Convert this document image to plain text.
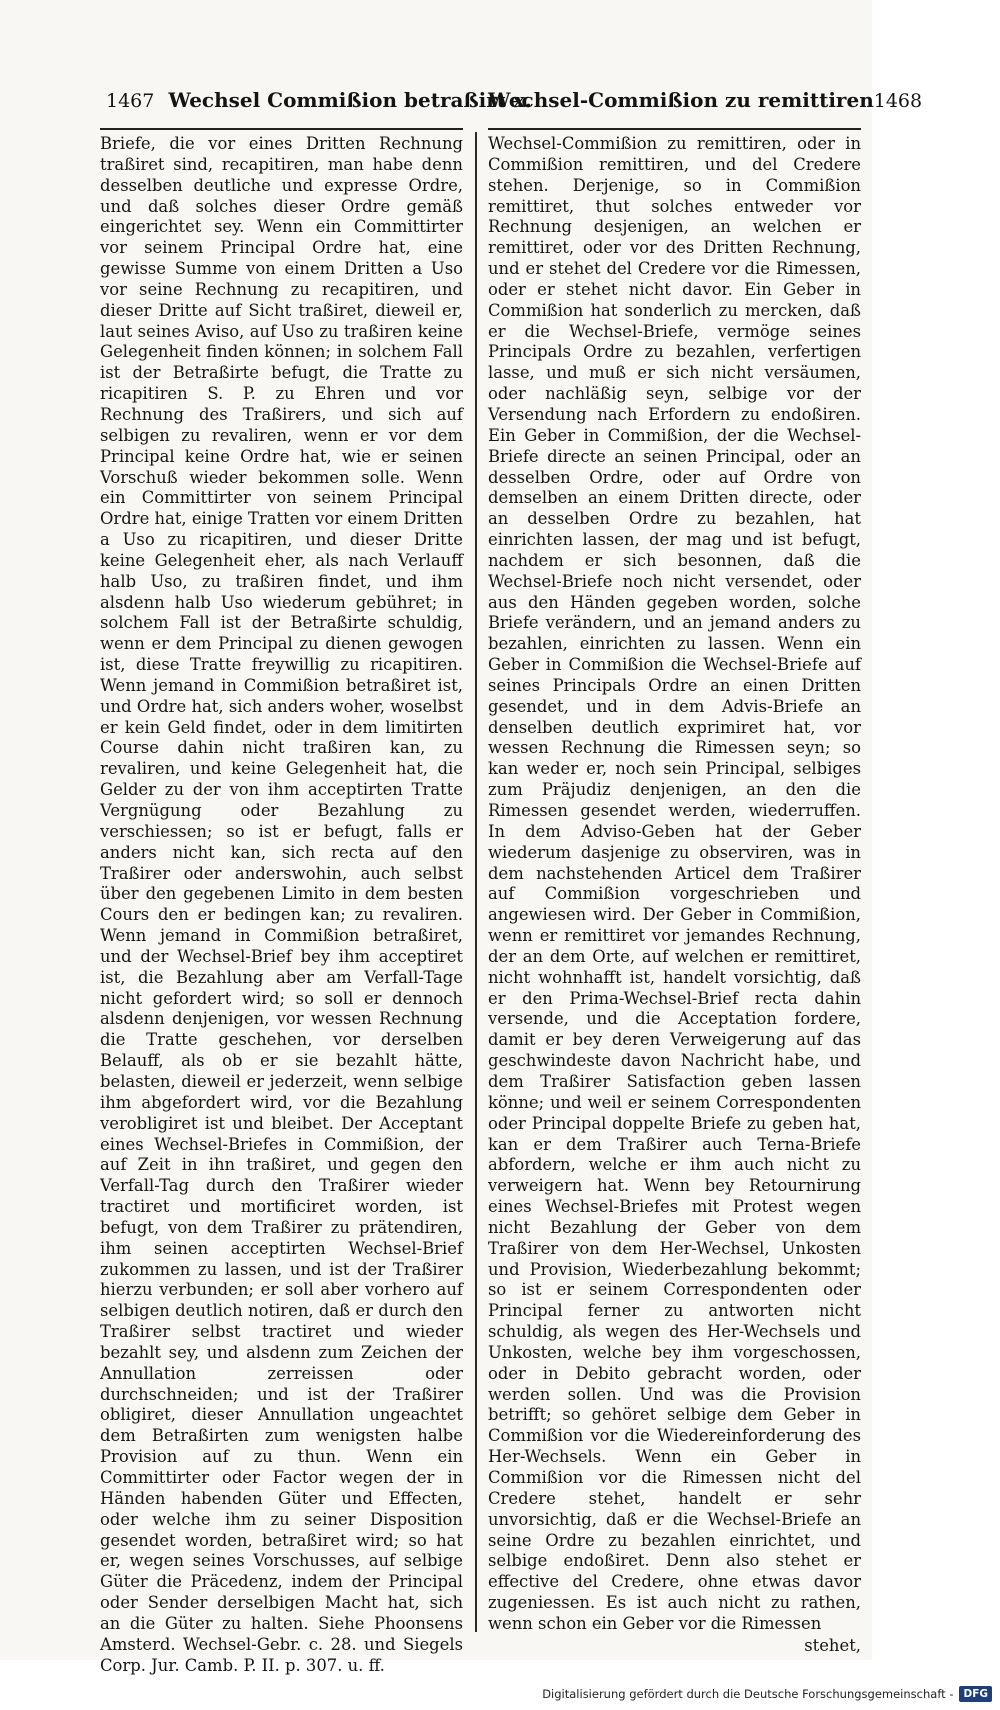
1467 Wechsel Commißion betraßirt x.
Wechsel-Commißion zu remittiren 1468

Briefe, die vor eines Dritten Rechnung traßiret sind, recapitiren, man habe denn desselben deutliche und expresse Ordre, und daß solches dieser Ordre gemäß eingerichtet sey. Wenn ein Committirter vor seinem Principal Ordre hat, eine gewisse Summe von einem Dritten a Uso vor seine Rechnung zu recapitiren, und dieser Dritte auf Sicht traßiret, dieweil er, laut seines Aviso, auf Uso zu traßiren keine Gelegenheit finden können; in solchem Fall ist der Betraßirte befugt, die Tratte zu ricapitiren S. P. zu Ehren und vor Rechnung des Traßirers, und sich auf selbigen zu revaliren, wenn er vor dem Principal keine Ordre hat, wie er seinen Vorschuß wieder bekommen solle. Wenn ein Committirter von seinem Principal Ordre hat, einige Tratten vor einem Dritten a Uso zu ricapitiren, und dieser Dritte keine Gelegenheit eher, als nach Verlauff halb Uso, zu traßiren findet, und ihm alsdenn halb Uso wiederum gebühret; in solchem Fall ist der Betraßirte schuldig, wenn er dem Principal zu dienen gewogen ist, diese Tratte freywillig zu ricapitiren. Wenn jemand in Commißion betraßiret ist, und Ordre hat, sich anders woher, woselbst er kein Geld findet, oder in dem limitirten Course dahin nicht traßiren kan, zu revaliren, und keine Gelegenheit hat, die Gelder zu der von ihm acceptirten Tratte Vergnügung oder Bezahlung zu verschiessen; so ist er befugt, falls er anders nicht kan, sich recta auf den Traßirer oder anderswohin, auch selbst über den gegebenen Limito in dem besten Cours den er bedingen kan; zu revaliren. Wenn jemand in Commißion betraßiret, und der Wechsel-Brief bey ihm acceptiret ist, die Bezahlung aber am Verfall-Tage nicht gefordert wird; so soll er dennoch alsdenn denjenigen, vor wessen Rechnung die Tratte geschehen, vor derselben Belauff, als ob er sie bezahlt hätte, belasten, dieweil er jederzeit, wenn selbige ihm abgefordert wird, vor die Bezahlung verobligiret ist und bleibet. Der Acceptant eines Wechsel-Briefes in Commißion, der auf Zeit in ihn traßiret, und gegen den Verfall-Tag durch den Traßirer wieder tractiret und mortificiret worden, ist befugt, von dem Traßirer zu prätendiren, ihm seinen acceptirten Wechsel-Brief zukommen zu lassen, und ist der Traßirer hierzu verbunden; er soll aber vorhero auf selbigen deutlich notiren, daß er durch den Traßirer selbst tractiret und wieder bezahlt sey, und alsdenn zum Zeichen der Annullation zerreissen oder durchschneiden; und ist der Traßirer obligiret, dieser Annullation ungeachtet dem Betraßirten zum wenigsten halbe Provision auf zu thun. Wenn ein Committirter oder Factor wegen der in Händen habenden Güter und Effecten, oder welche ihm zu seiner Disposition gesendet worden, betraßiret wird; so hat er, wegen seines Vorschusses, auf selbige Güter die Präcedenz, indem der Principal oder Sender derselbigen Macht hat, sich an die Güter zu halten. Siehe Phoonsens Amsterd. Wechsel-Gebr. c. 28. und Siegels Corp. Jur. Camb. P. II. p. 307. u. ff.

Wechsel-Commißion zu remittiren, oder in Commißion remittiren, und del Credere stehen. Derjenige, so in Commißion remittiret, thut solches entweder vor Rechnung desjenigen, an welchen er remittiret, oder vor des Dritten Rechnung, und er stehet del Credere vor die Rimessen, oder er stehet nicht davor. Ein Geber in Commißion hat sonderlich zu mercken, daß er die Wechsel-Briefe, vermöge seines Principals Ordre zu bezahlen, verfertigen lasse, und muß er sich nicht versäumen, oder nachläßig seyn, selbige vor der Versendung nach Erfordern zu endoßiren. Ein Geber in Commißion, der die Wechsel-Briefe directe an seinen Principal, oder an desselben Ordre, oder auf Ordre von demselben an einem Dritten directe, oder an desselben Ordre zu bezahlen, hat einrichten lassen, der mag und ist befugt, nachdem er sich besonnen, daß die Wechsel-Briefe noch nicht versendet, oder aus den Händen gegeben worden, solche Briefe verändern, und an jemand anders zu bezahlen, einrichten zu lassen. Wenn ein Geber in Commißion die Wechsel-Briefe auf seines Principals Ordre an einen Dritten gesendet, und in dem Advis-Briefe an denselben deutlich exprimiret hat, vor wessen Rechnung die Rimessen seyn; so kan weder er, noch sein Principal, selbiges zum Präjudiz denjenigen, an den die Rimessen gesendet werden, wiederruffen. In dem Adviso-Geben hat der Geber wiederum dasjenige zu observiren, was in dem nachstehenden Articel dem Traßirer auf Commißion vorgeschrieben und angewiesen wird. Der Geber in Commißion, wenn er remittiret vor jemandes Rechnung, der an dem Orte, auf welchen er remittiret, nicht wohnhafft ist, handelt vorsichtig, daß er den Prima-Wechsel-Brief recta dahin versende, und die Acceptation fordere, damit er bey deren Verweigerung auf das geschwindeste davon Nachricht habe, und dem Traßirer Satisfaction geben lassen könne; und weil er seinem Correspondenten oder Principal doppelte Briefe zu geben hat, kan er dem Traßirer auch Terna-Briefe abfordern, welche er ihm auch nicht zu verweigern hat. Wenn bey Retournirung eines Wechsel-Briefes mit Protest wegen nicht Bezahlung der Geber von dem Traßirer von dem Her-Wechsel, Unkosten und Provision, Wiederbezahlung bekommt; so ist er seinem Correspondenten oder Principal ferner zu antworten nicht schuldig, als wegen des Her-Wechsels und Unkosten, welche bey ihm vorgeschossen, oder in Debito gebracht worden, oder werden sollen. Und was die Provision betrifft; so gehöret selbige dem Geber in Commißion vor die Wiedereinforderung des Her-Wechsels. Wenn ein Geber in Commißion vor die Rimessen nicht del Credere stehet, handelt er sehr unvorsichtig, daß er die Wechsel-Briefe an seine Ordre zu bezahlen einrichtet, und selbige endoßiret. Denn also stehet er effective del Credere, ohne etwas davor zugeniessen. Es ist auch nicht zu rathen, wenn schon ein Geber vor die Rimessen

stehet,

Digitalisierung gefördert durch die Deutsche Forschungsgemeinschaft - DFG
